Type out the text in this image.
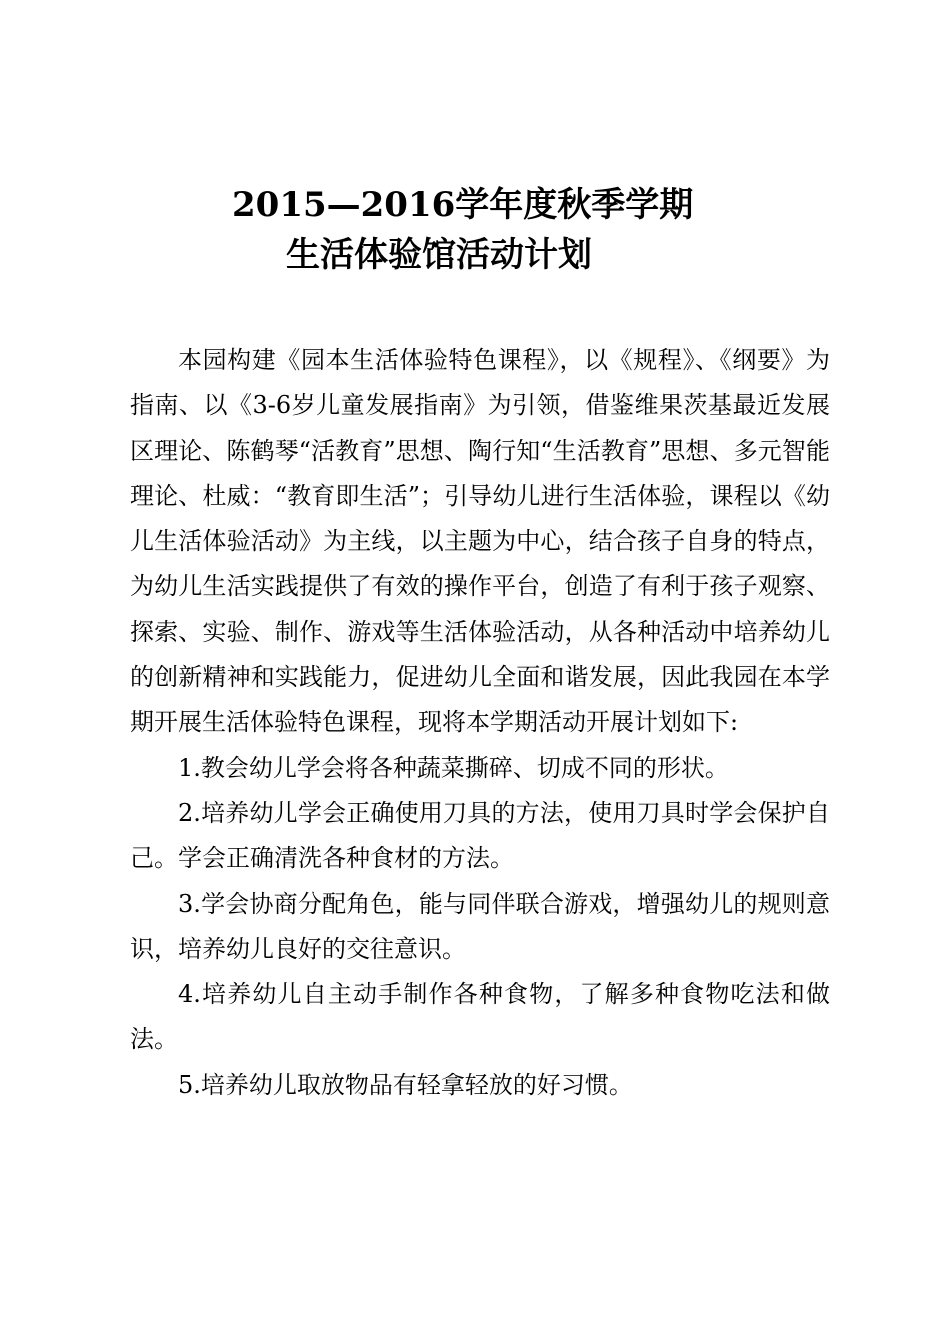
2015—2016学年度秋季学期
生活体验馆活动计划

本园构建《园本生活体验特色课程》，以《规程》、《纲要》为指南、以《3-6岁儿童发展指南》为引领，借鉴维果茨基最近发展区理论、陈鹤琴“活教育”思想、陶行知“生活教育”思想、多元智能理论、杜威：“教育即生活”；引导幼儿进行生活体验，课程以《幼儿生活体验活动》为主线，以主题为中心，结合孩子自身的特点，为幼儿生活实践提供了有效的操作平台，创造了有利于孩子观察、探索、实验、制作、游戏等生活体验活动，从各种活动中培养幼儿的创新精神和实践能力，促进幼儿全面和谐发展，因此我园在本学期开展生活体验特色课程，现将本学期活动开展计划如下:

1.教会幼儿学会将各种蔬菜撕碎、切成不同的形状。

2.培养幼儿学会正确使用刀具的方法，使用刀具时学会保护自己。学会正确清洗各种食材的方法。

3.学会协商分配角色，能与同伴联合游戏，增强幼儿的规则意识，培养幼儿良好的交往意识。

4.培养幼儿自主动手制作各种食物，了解多种食物吃法和做法。

5.培养幼儿取放物品有轻拿轻放的好习惯。
